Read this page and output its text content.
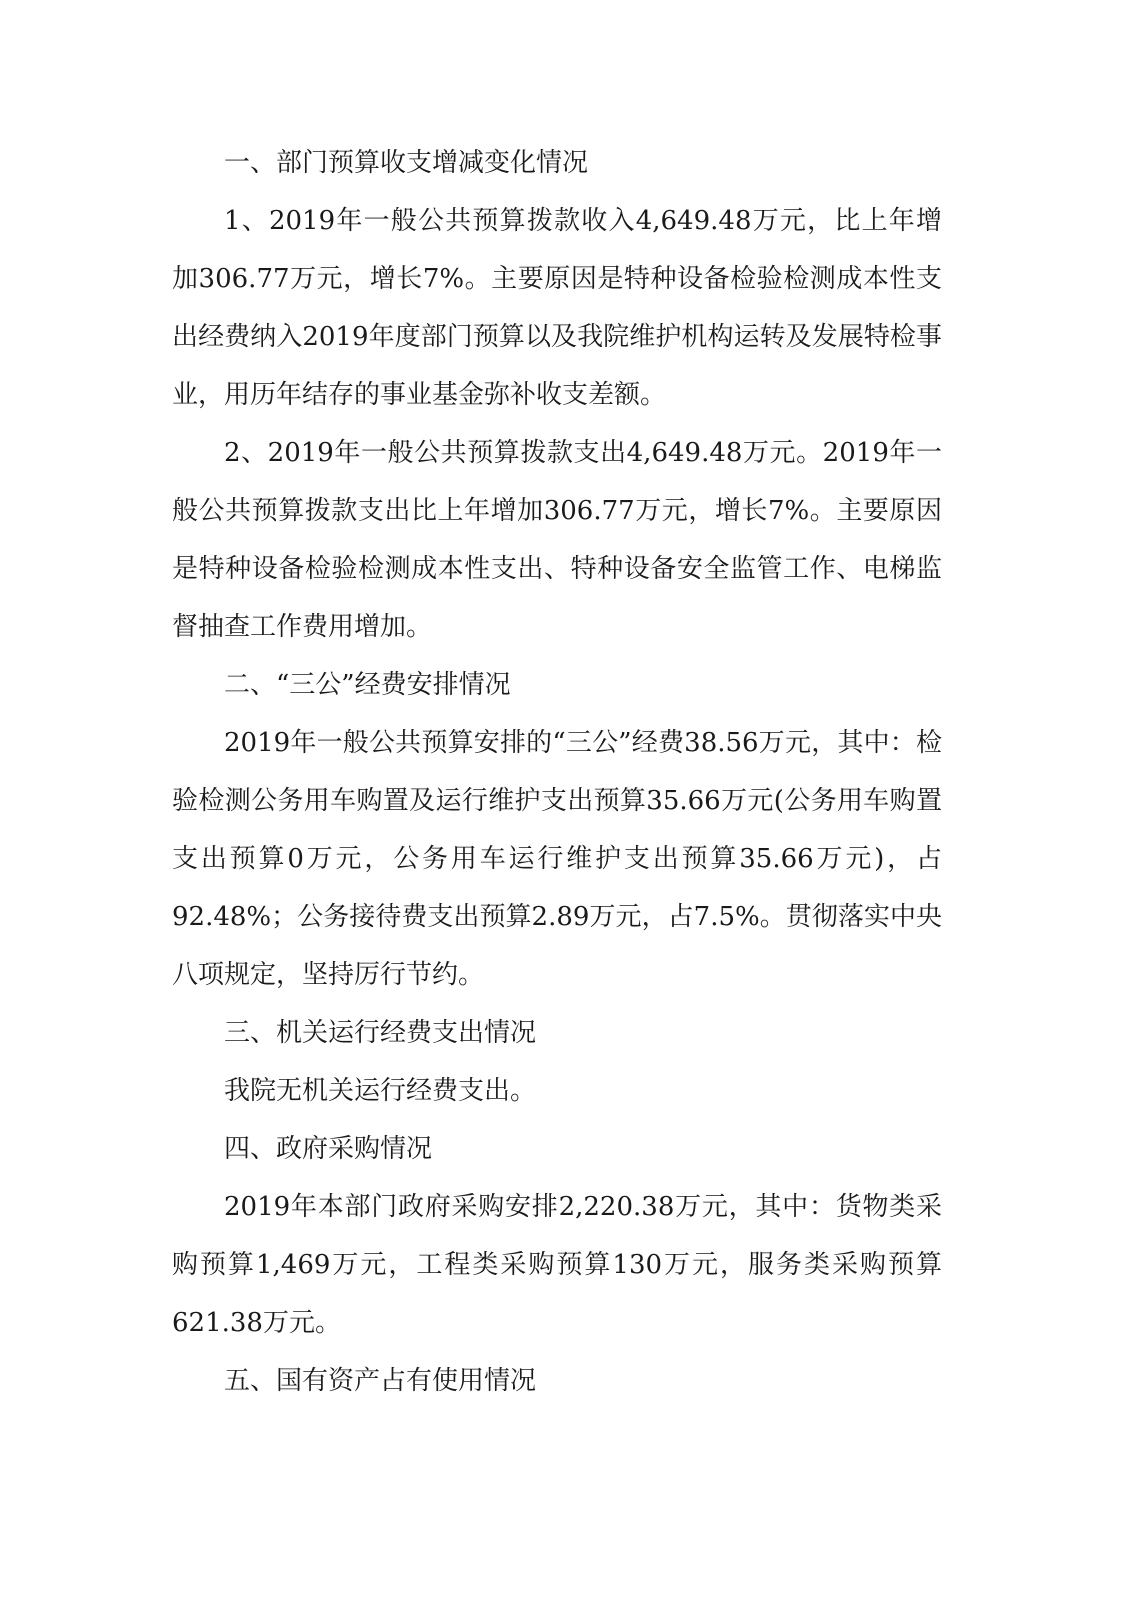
一、部门预算收支增减变化情况

1、2019年一般公共预算拨款收入4,649.48万元，比上年增加306.77万元，增长7%。主要原因是特种设备检验检测成本性支出经费纳入2019年度部门预算以及我院维护机构运转及发展特检事业，用历年结存的事业基金弥补收支差额。

2、2019年一般公共预算拨款支出4,649.48万元。2019年一般公共预算拨款支出比上年增加306.77万元，增长7%。主要原因是特种设备检验检测成本性支出、特种设备安全监管工作、电梯监督抽查工作费用增加。

二、“三公”经费安排情况

2019年一般公共预算安排的“三公”经费38.56万元，其中：检验检测公务用车购置及运行维护支出预算35.66万元(公务用车购置支出预算0万元，公务用车运行维护支出预算35.66万元)，占92.48%；公务接待费支出预算2.89万元，占7.5%。贯彻落实中央八项规定，坚持厉行节约。

三、机关运行经费支出情况

我院无机关运行经费支出。

四、政府采购情况

2019年本部门政府采购安排2,220.38万元，其中：货物类采购预算1,469万元，工程类采购预算130万元，服务类采购预算621.38万元。

五、国有资产占有使用情况
